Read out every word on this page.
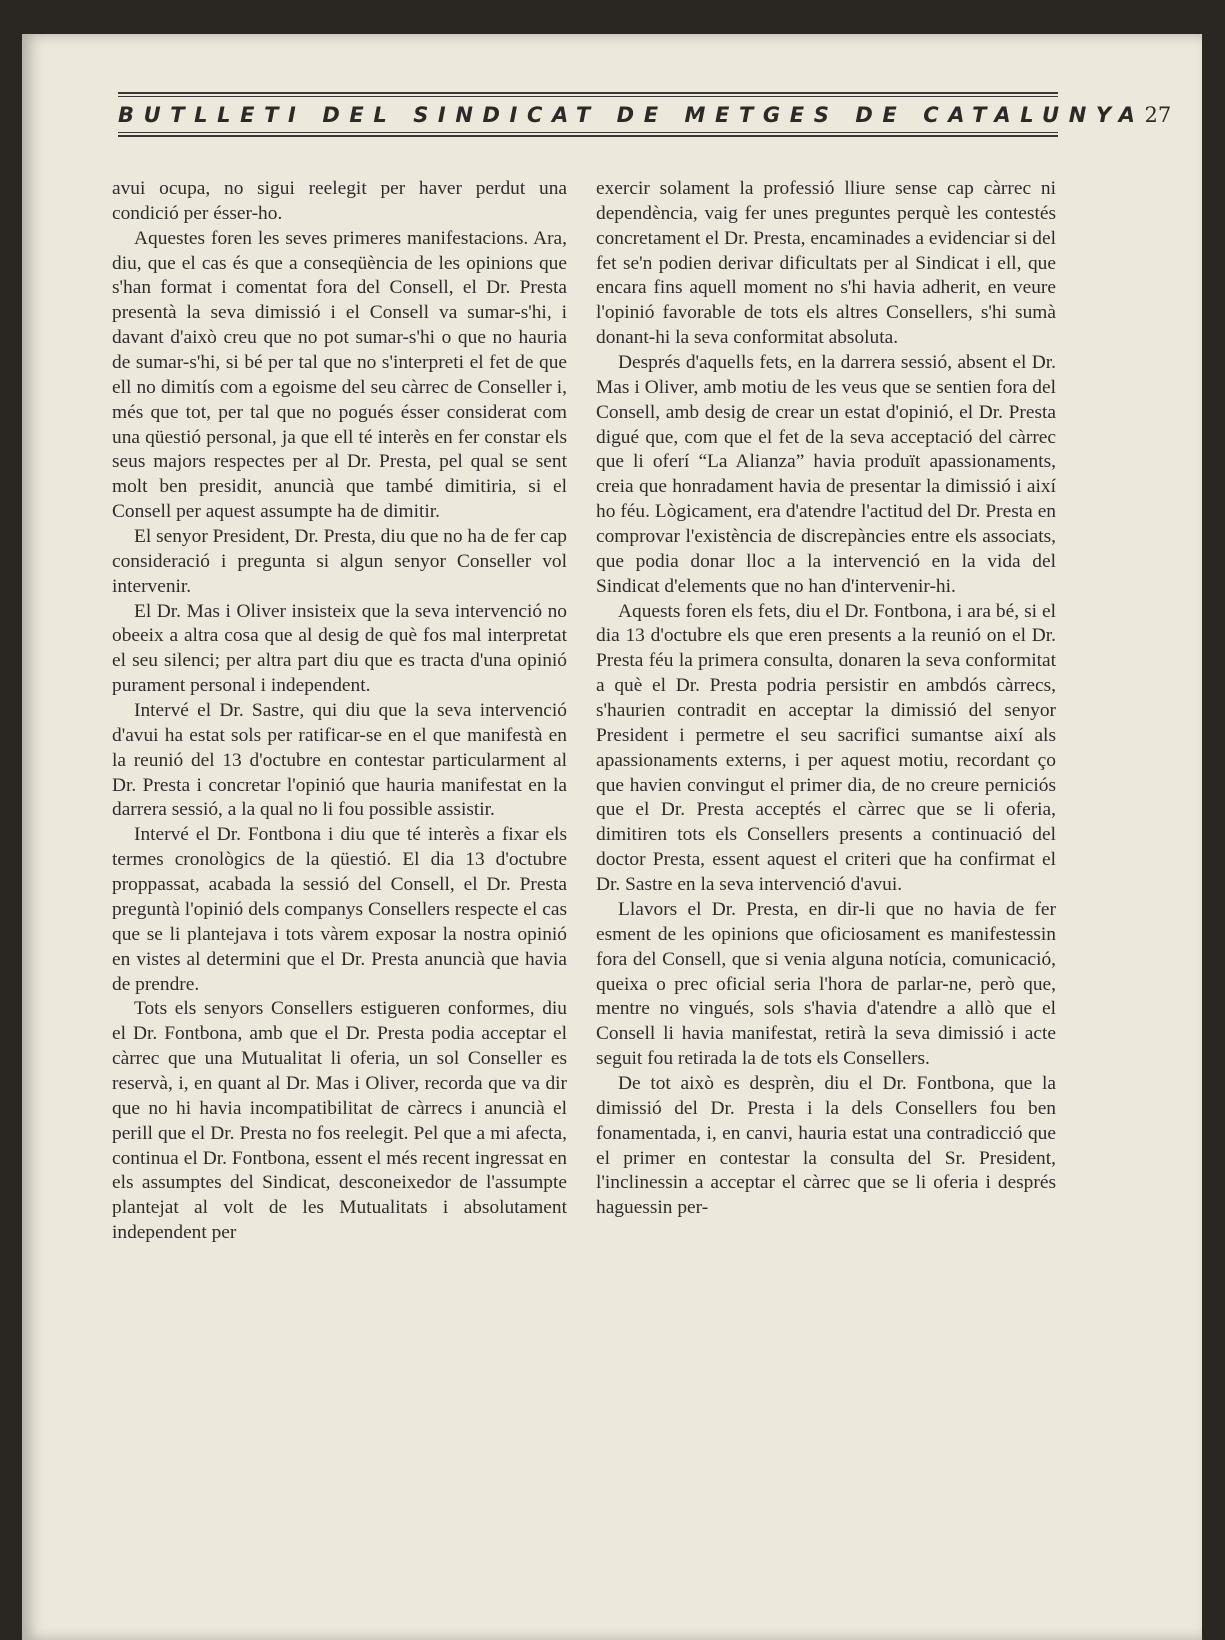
BUTLLETI DEL SINDICAT DE METGES DE CATALUNYA 27

avui ocupa, no sigui reelegit per haver perdut una condició per ésser-ho.

Aquestes foren les seves primeres manifestacions. Ara, diu, que el cas és que a conseqüència de les opinions que s'han format i comentat fora del Consell, el Dr. Presta presentà la seva dimissió i el Consell va sumar-s'hi, i davant d'això creu que no pot sumar-s'hi o que no hauria de sumar-s'hi, si bé per tal que no s'interpreti el fet de que ell no dimitís com a egoisme del seu càrrec de Conseller i, més que tot, per tal que no pogués ésser considerat com una qüestió personal, ja que ell té interès en fer constar els seus majors respectes per al Dr. Presta, pel qual se sent molt ben presidit, anuncià que també dimitiria, si el Consell per aquest assumpte ha de dimitir.

El senyor President, Dr. Presta, diu que no ha de fer cap consideració i pregunta si algun senyor Conseller vol intervenir.

El Dr. Mas i Oliver insisteix que la seva intervenció no obeeix a altra cosa que al desig de què fos mal interpretat el seu silenci; per altra part diu que es tracta d'una opinió purament personal i independent.

Intervé el Dr. Sastre, qui diu que la seva intervenció d'avui ha estat sols per ratificar-se en el que manifestà en la reunió del 13 d'octubre en contestar particularment al Dr. Presta i concretar l'opinió que hauria manifestat en la darrera sessió, a la qual no li fou possible assistir.

Intervé el Dr. Fontbona i diu que té interès a fixar els termes cronològics de la qüestió. El dia 13 d'octubre proppassat, acabada la sessió del Consell, el Dr. Presta preguntà l'opinió dels companys Consellers respecte el cas que se li plantejava i tots vàrem exposar la nostra opinió en vistes al determini que el Dr. Presta anuncià que havia de prendre.

Tots els senyors Consellers estigueren conformes, diu el Dr. Fontbona, amb que el Dr. Presta podia acceptar el càrrec que una Mutualitat li oferia, un sol Conseller es reservà, i, en quant al Dr. Mas i Oliver, recorda que va dir que no hi havia incompatibilitat de càrrecs i anuncià el perill que el Dr. Presta no fos reelegit. Pel que a mi afecta, continua el Dr. Fontbona, essent el més recent ingressat en els assumptes del Sindicat, desconeixedor de l'assumpte plantejat al volt de les Mutualitats i absolutament independent per

exercir solament la professió lliure sense cap càrrec ni dependència, vaig fer unes preguntes perquè les contestés concretament el Dr. Presta, encaminades a evidenciar si del fet se'n podien derivar dificultats per al Sindicat i ell, que encara fins aquell moment no s'hi havia adherit, en veure l'opinió favorable de tots els altres Consellers, s'hi sumà donant-hi la seva conformitat absoluta.

Després d'aquells fets, en la darrera sessió, absent el Dr. Mas i Oliver, amb motiu de les veus que se sentien fora del Consell, amb desig de crear un estat d'opinió, el Dr. Presta digué que, com que el fet de la seva acceptació del càrrec que li oferí “La Alianza” havia produït apassionaments, creia que honradament havia de presentar la dimissió i així ho féu. Lògicament, era d'atendre l'actitud del Dr. Presta en comprovar l'existència de discrepàncies entre els associats, que podia donar lloc a la intervenció en la vida del Sindicat d'elements que no han d'intervenir-hi.

Aquests foren els fets, diu el Dr. Fontbona, i ara bé, si el dia 13 d'octubre els que eren presents a la reunió on el Dr. Presta féu la primera consulta, donaren la seva conformitat a què el Dr. Presta podria persistir en ambdós càrrecs, s'haurien contradit en acceptar la dimissió del senyor President i permetre el seu sacrifici sumantse així als apassionaments externs, i per aquest motiu, recordant ço que havien convingut el primer dia, de no creure perniciós que el Dr. Presta acceptés el càrrec que se li oferia, dimitiren tots els Consellers presents a continuació del doctor Presta, essent aquest el criteri que ha confirmat el Dr. Sastre en la seva intervenció d'avui.

Llavors el Dr. Presta, en dir-li que no havia de fer esment de les opinions que oficiosament es manifestessin fora del Consell, que si venia alguna notícia, comunicació, queixa o prec oficial seria l'hora de parlar-ne, però que, mentre no vingués, sols s'havia d'atendre a allò que el Consell li havia manifestat, retirà la seva dimissió i acte seguit fou retirada la de tots els Consellers.

De tot això es desprèn, diu el Dr. Fontbona, que la dimissió del Dr. Presta i la dels Consellers fou ben fonamentada, i, en canvi, hauria estat una contradicció que el primer en contestar la consulta del Sr. President, l'inclinessin a acceptar el càrrec que se li oferia i després haguessin per-
